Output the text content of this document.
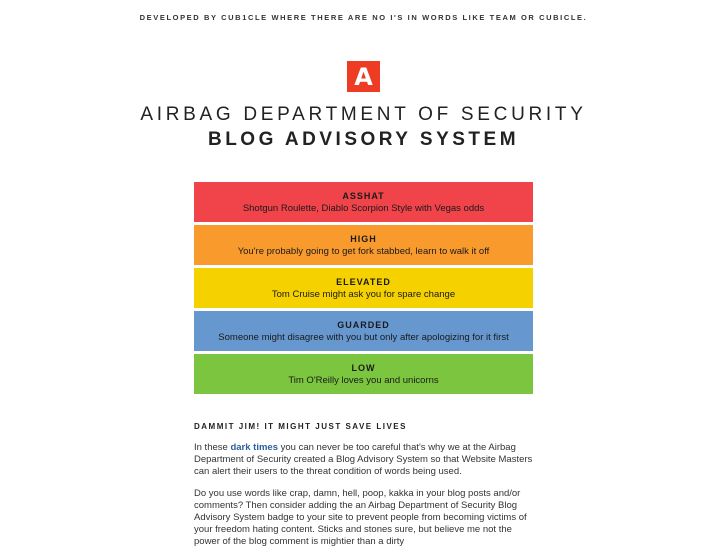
DEVELOPED BY CUB1CLE WHERE THERE ARE NO I'S IN WORDS LIKE TEAM OR CUBICLE.
A
AIRBAG DEPARTMENT OF SECURITY
BLOG ADVISORY SYSTEM
ASSHAT
Shotgun Roulette, Diablo Scorpion Style with Vegas odds
HIGH
You're probably going to get fork stabbed, learn to walk it off
ELEVATED
Tom Cruise might ask you for spare change
GUARDED
Someone might disagree with you but only after apologizing for it first
LOW
Tim O'Reilly loves you and unicorns
DAMMIT JIM! IT MIGHT JUST SAVE LIVES

In these dark times you can never be too careful that's why we at the Airbag Department of Security created a Blog Advisory System so that Website Masters can alert their users to the threat condition of words being used.

Do you use words like crap, damn, hell, poop, kakka in your blog posts and/or comments? Then consider adding the an Airbag Department of Security Blog Advisory System badge to your site to prevent people from becoming victims of your freedom hating content. Sticks and stones sure, but believe me not the power of the blog comment is mightier than a dirty
